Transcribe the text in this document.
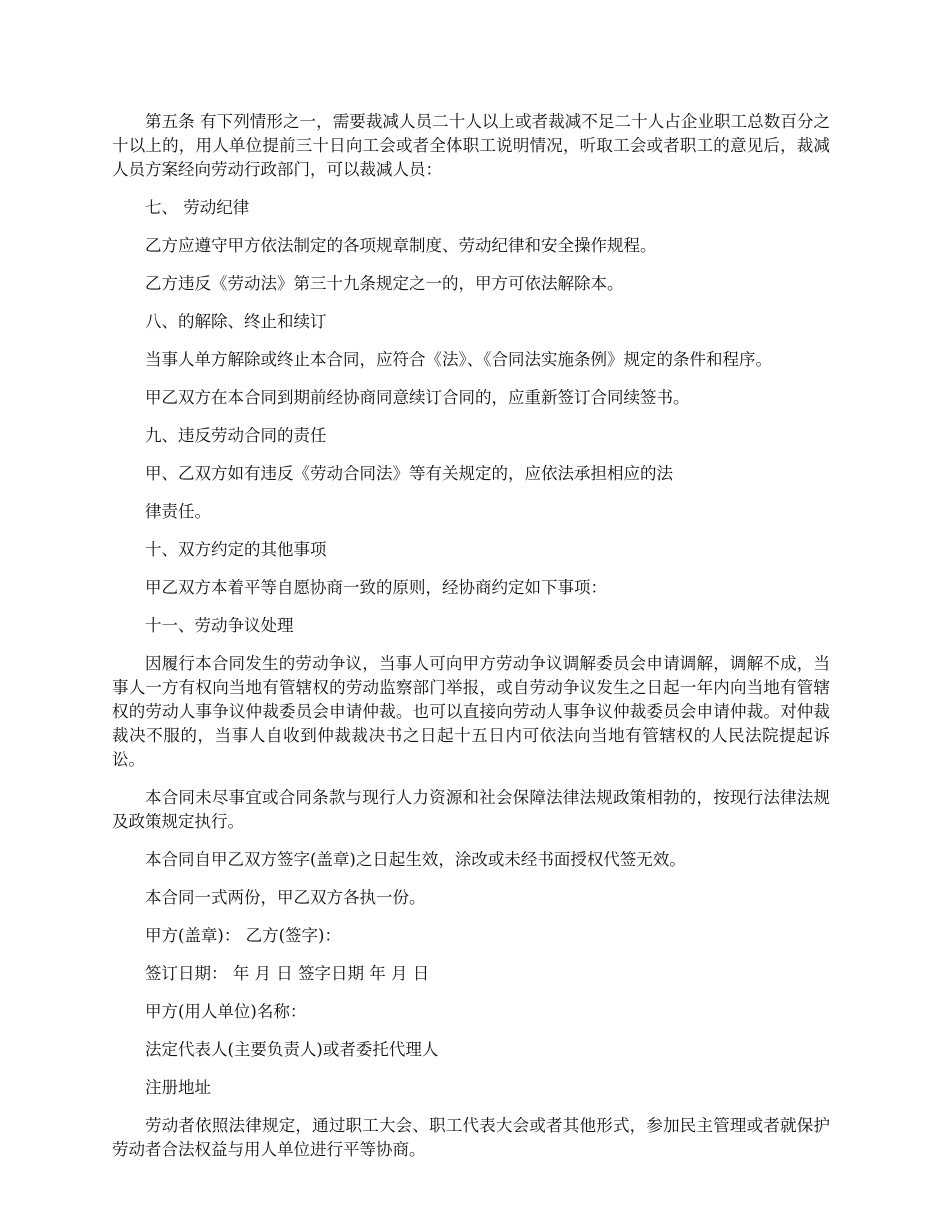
第五条 有下列情形之一，需要裁减人员二十人以上或者裁减不足二十人占企业职工总数百分之十以上的，用人单位提前三十日向工会或者全体职工说明情况，听取工会或者职工的意见后，裁减人员方案经向劳动行政部门，可以裁减人员：

七、 劳动纪律

乙方应遵守甲方依法制定的各项规章制度、劳动纪律和安全操作规程。

乙方违反《劳动法》第三十九条规定之一的，甲方可依法解除本。

八、的解除、终止和续订

当事人单方解除或终止本合同，应符合《法》、《合同法实施条例》规定的条件和程序。

甲乙双方在本合同到期前经协商同意续订合同的，应重新签订合同续签书。

九、违反劳动合同的责任

甲、乙双方如有违反《劳动合同法》等有关规定的，应依法承担相应的法

律责任。

十、双方约定的其他事项

甲乙双方本着平等自愿协商一致的原则，经协商约定如下事项：

十一、劳动争议处理

因履行本合同发生的劳动争议，当事人可向甲方劳动争议调解委员会申请调解，调解不成，当事人一方有权向当地有管辖权的劳动监察部门举报，或自劳动争议发生之日起一年内向当地有管辖权的劳动人事争议仲裁委员会申请仲裁。也可以直接向劳动人事争议仲裁委员会申请仲裁。对仲裁裁决不服的，当事人自收到仲裁裁决书之日起十五日内可依法向当地有管辖权的人民法院提起诉讼。

本合同未尽事宜或合同条款与现行人力资源和社会保障法律法规政策相勃的，按现行法律法规及政策规定执行。

本合同自甲乙双方签字(盖章)之日起生效，涂改或未经书面授权代签无效。

本合同一式两份，甲乙双方各执一份。

甲方(盖章)： 乙方(签字)：

签订日期： 年 月 日 签字日期 年 月 日

甲方(用人单位)名称：

法定代表人(主要负责人)或者委托代理人

注册地址

劳动者依照法律规定，通过职工大会、职工代表大会或者其他形式，参加民主管理或者就保护劳动者合法权益与用人单位进行平等协商。
